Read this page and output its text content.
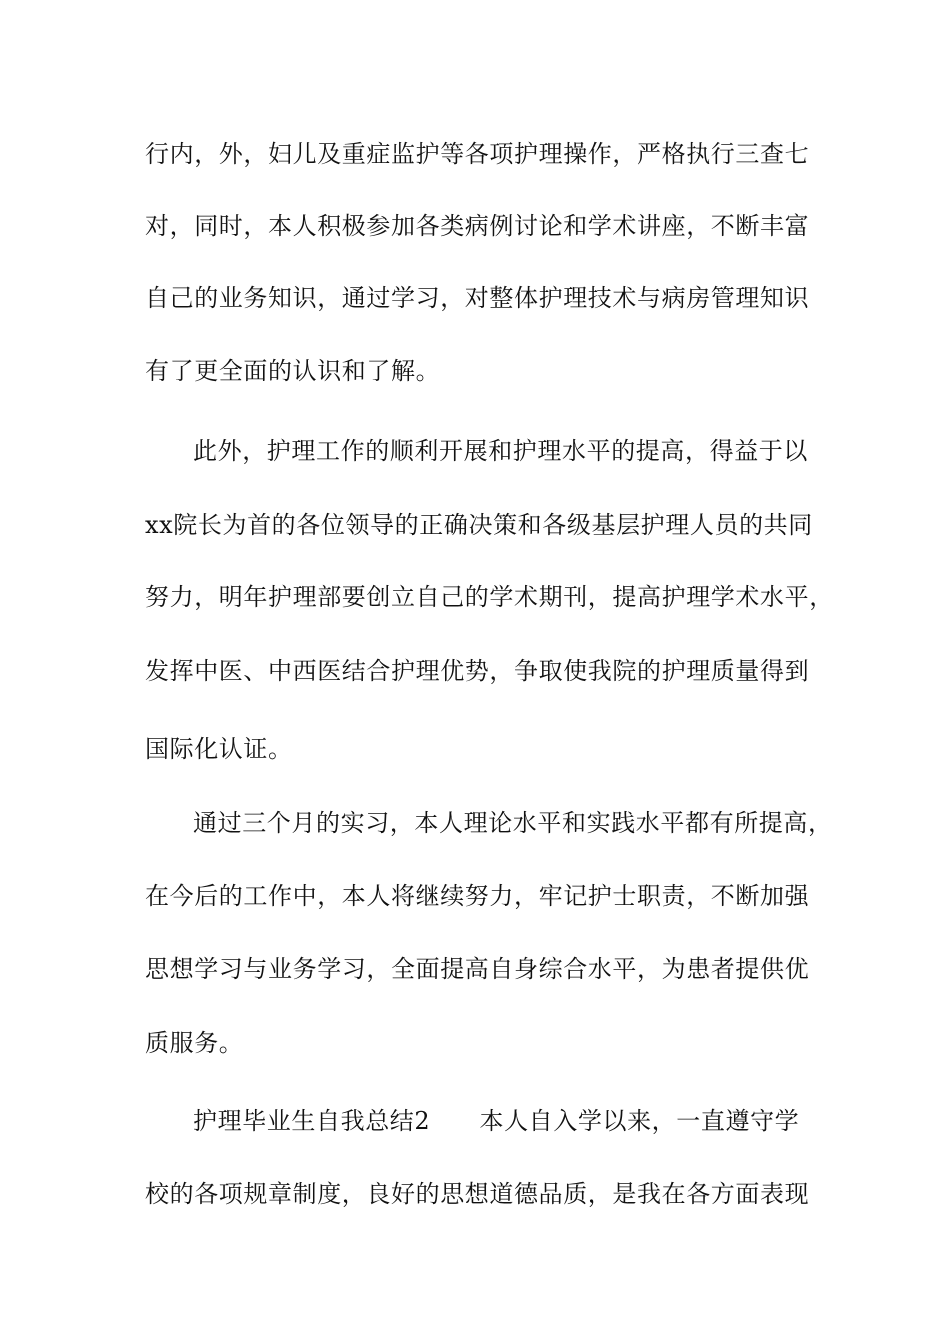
行内，外，妇儿及重症监护等各项护理操作，严格执行三查七
对，同时，本人积极参加各类病例讨论和学术讲座，不断丰富
自己的业务知识，通过学习，对整体护理技术与病房管理知识
有了更全面的认识和了解。
此外，护理工作的顺利开展和护理水平的提高，得益于以
xx院长为首的各位领导的正确决策和各级基层护理人员的共同
努力，明年护理部要创立自己的学术期刊，提高护理学术水平，
发挥中医、中西医结合护理优势，争取使我院的护理质量得到
国际化认证。
通过三个月的实习，本人理论水平和实践水平都有所提高，
在今后的工作中，本人将继续努力，牢记护士职责，不断加强
思想学习与业务学习，全面提高自身综合水平，为患者提供优
质服务。
护理毕业生自我总结2　　本人自入学以来，一直遵守学
校的各项规章制度，良好的思想道德品质，是我在各方面表现
